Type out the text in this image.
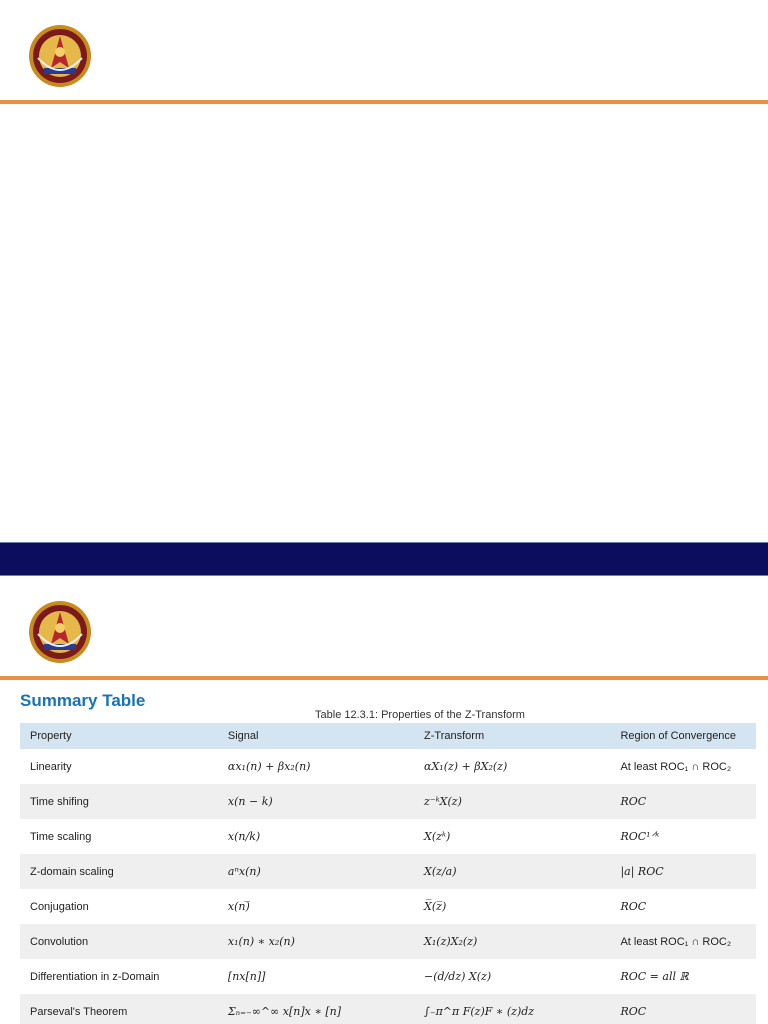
Summary Table
Table 12.3.1: Properties of the Z-Transform
Property	Signal	Z-Transform	Region of Convergence
Linearity	αx₁(n) + βx₂(n)	αX₁(z) + βX₂(z)	At least ROC₁ ∩ ROC₂
Time shifing	x(n − k)	z⁻ᵏX(z)	ROC
Time scaling	x(n/k)	X(zᵏ)	ROC¹ᐟᵏ
Z-domain scaling	aⁿx(n)	X(z/a)	|a| ROC
Conjugation	x(n)̅	X̅(z̅)	ROC
Convolution	x₁(n) ∗ x₂(n)	X₁(z)X₂(z)	At least ROC₁ ∩ ROC₂
Differentiation in z-Domain	[nx[n]]	−(d/dz) X(z)	ROC = all ℝ
Parseval's Theorem	Σₙ₌₋∞^∞ x[n]x ∗ [n]	∫₋π^π F(z)F ∗ (z)dz	ROC
